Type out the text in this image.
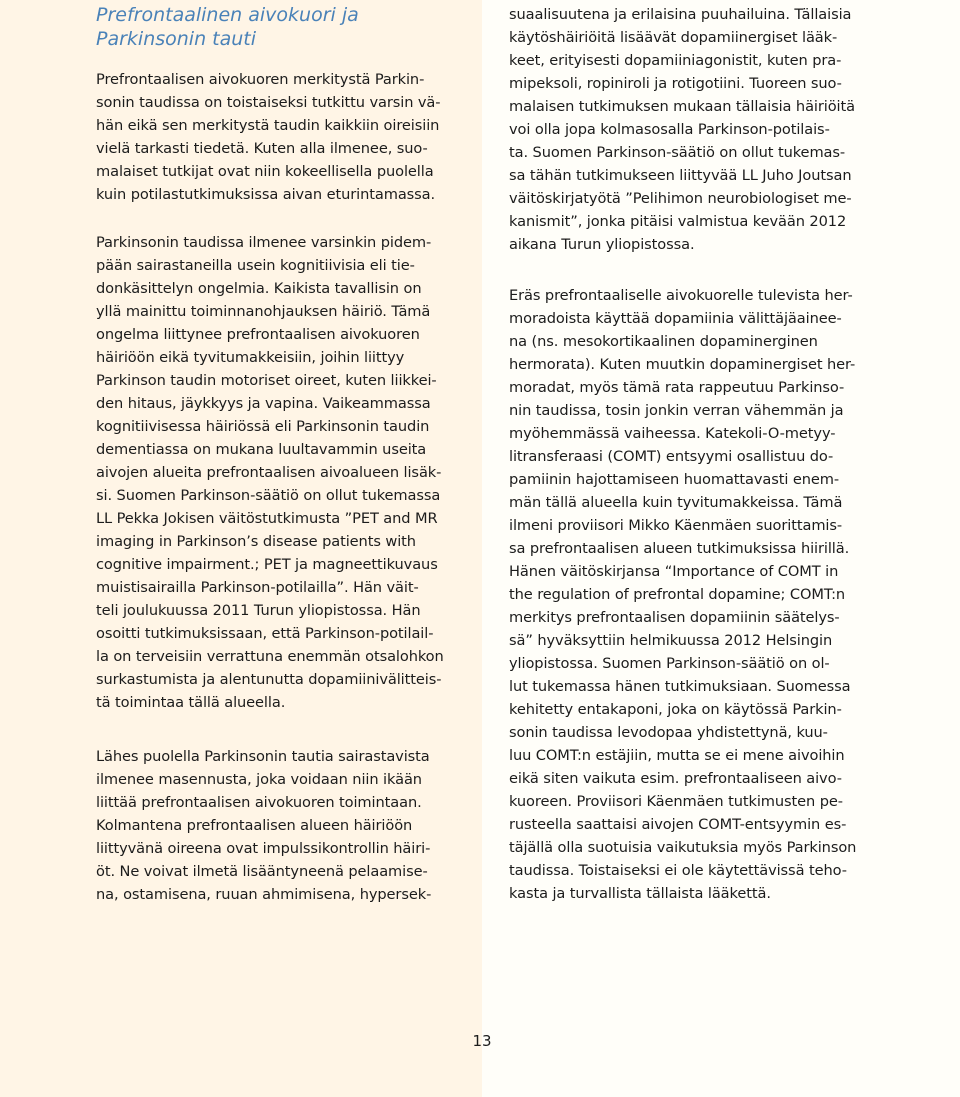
Prefrontaalinen aivokuori ja
Parkinsonin tauti
Prefrontaalisen aivokuoren merkitystä Parkin-
sonin taudissa on toistaiseksi tutkittu varsin vä-
hän eikä sen merkitystä taudin kaikkiin oireisiin
vielä tarkasti tiedetä. Kuten alla ilmenee, suo-
malaiset tutkijat ovat niin kokeellisella puolella
kuin potilastutkimuksissa aivan eturintamassa.
Parkinsonin taudissa ilmenee varsinkin pidem-
pään sairastaneilla usein kognitiivisia eli tie-
donkäsittelyn ongelmia. Kaikista tavallisin on
yllä mainittu toiminnanohjauksen häiriö. Tämä
ongelma liittynee prefrontaalisen aivokuoren
häiriöön eikä tyvitumakkeisiin, joihin liittyy
Parkinson taudin motoriset oireet, kuten liikkei-
den hitaus, jäykkyys ja vapina. Vaikeammassa
kognitiivisessa häiriössä eli Parkinsonin taudin
dementiassa on mukana luultavammin useita
aivojen alueita prefrontaalisen aivoalueen lisäk-
si. Suomen Parkinson-säätiö on ollut tukemassa
LL Pekka Jokisen väitöstutkimusta ”PET and MR
imaging in Parkinson’s disease patients with
cognitive impairment.; PET ja magneettikuvaus
muistisairailla Parkinson-potilailla”. Hän väit-
teli joulukuussa 2011 Turun yliopistossa. Hän
osoitti tutkimuksissaan, että Parkinson-potilail-
la on terveisiin verrattuna enemmän otsalohkon
surkastumista ja alentunutta dopamiinivälitteis-
tä toimintaa tällä alueella.
Lähes puolella Parkinsonin tautia sairastavista
ilmenee masennusta, joka voidaan niin ikään
liittää prefrontaalisen aivokuoren toimintaan.
Kolmantena prefrontaalisen alueen häiriöön
liittyvänä oireena ovat impulssikontrollin häiri-
öt. Ne voivat ilmetä lisääntyneenä pelaamise-
na, ostamisena, ruuan ahmimisena, hypersek-
suaalisuutena ja erilaisina puuhailuina. Tällaisia
käytöshäiriöitä lisäävät dopamiinergiset lääk-
keet, erityisesti dopamiiniagonistit, kuten pra-
mipeksoli, ropiniroli ja rotigotiini. Tuoreen suo-
malaisen tutkimuksen mukaan tällaisia häiriöitä
voi olla jopa kolmasosalla Parkinson-potilais-
ta. Suomen Parkinson-säätiö on ollut tukemas-
sa tähän tutkimukseen liittyvää LL Juho Joutsan
väitöskirjatyötä ”Pelihimon neurobiologiset me-
kanismit”, jonka pitäisi valmistua kevään 2012
aikana Turun yliopistossa.
Eräs prefrontaaliselle aivokuorelle tulevista her-
moradoista käyttää dopamiinia välittäjäainee-
na (ns. mesokortikaalinen dopaminerginen
hermorata). Kuten muutkin dopaminergiset her-
moradat, myös tämä rata rappeutuu Parkinso-
nin taudissa, tosin jonkin verran vähemmän ja
myöhemmässä vaiheessa. Katekoli-O-metyy-
litransferaasi (COMT) entsyymi osallistuu do-
pamiinin hajottamiseen huomattavasti enem-
män tällä alueella kuin tyvitumakkeissa. Tämä
ilmeni proviisori Mikko Käenmäen suorittamis-
sa prefrontaalisen alueen tutkimuksissa hiirillä.
Hänen väitöskirjansa “Importance of COMT in
the regulation of prefrontal dopamine; COMT:n
merkitys prefrontaalisen dopamiinin säätelys-
sä” hyväksyttiin helmikuussa 2012 Helsingin
yliopistossa. Suomen Parkinson-säätiö on ol-
lut tukemassa hänen tutkimuksiaan. Suomessa
kehitetty entakaponi, joka on käytössä Parkin-
sonin taudissa levodopaa yhdistettynä, kuu-
luu COMT:n estäjiin, mutta se ei mene aivoihin
eikä siten vaikuta esim. prefrontaaliseen aivo-
kuoreen. Proviisori Käenmäen tutkimusten pe-
rusteella saattaisi aivojen COMT-entsyymin es-
täjällä olla suotuisia vaikutuksia myös Parkinson
taudissa. Toistaiseksi ei ole käytettävissä teho-
kasta ja turvallista tällaista lääkettä.
13
